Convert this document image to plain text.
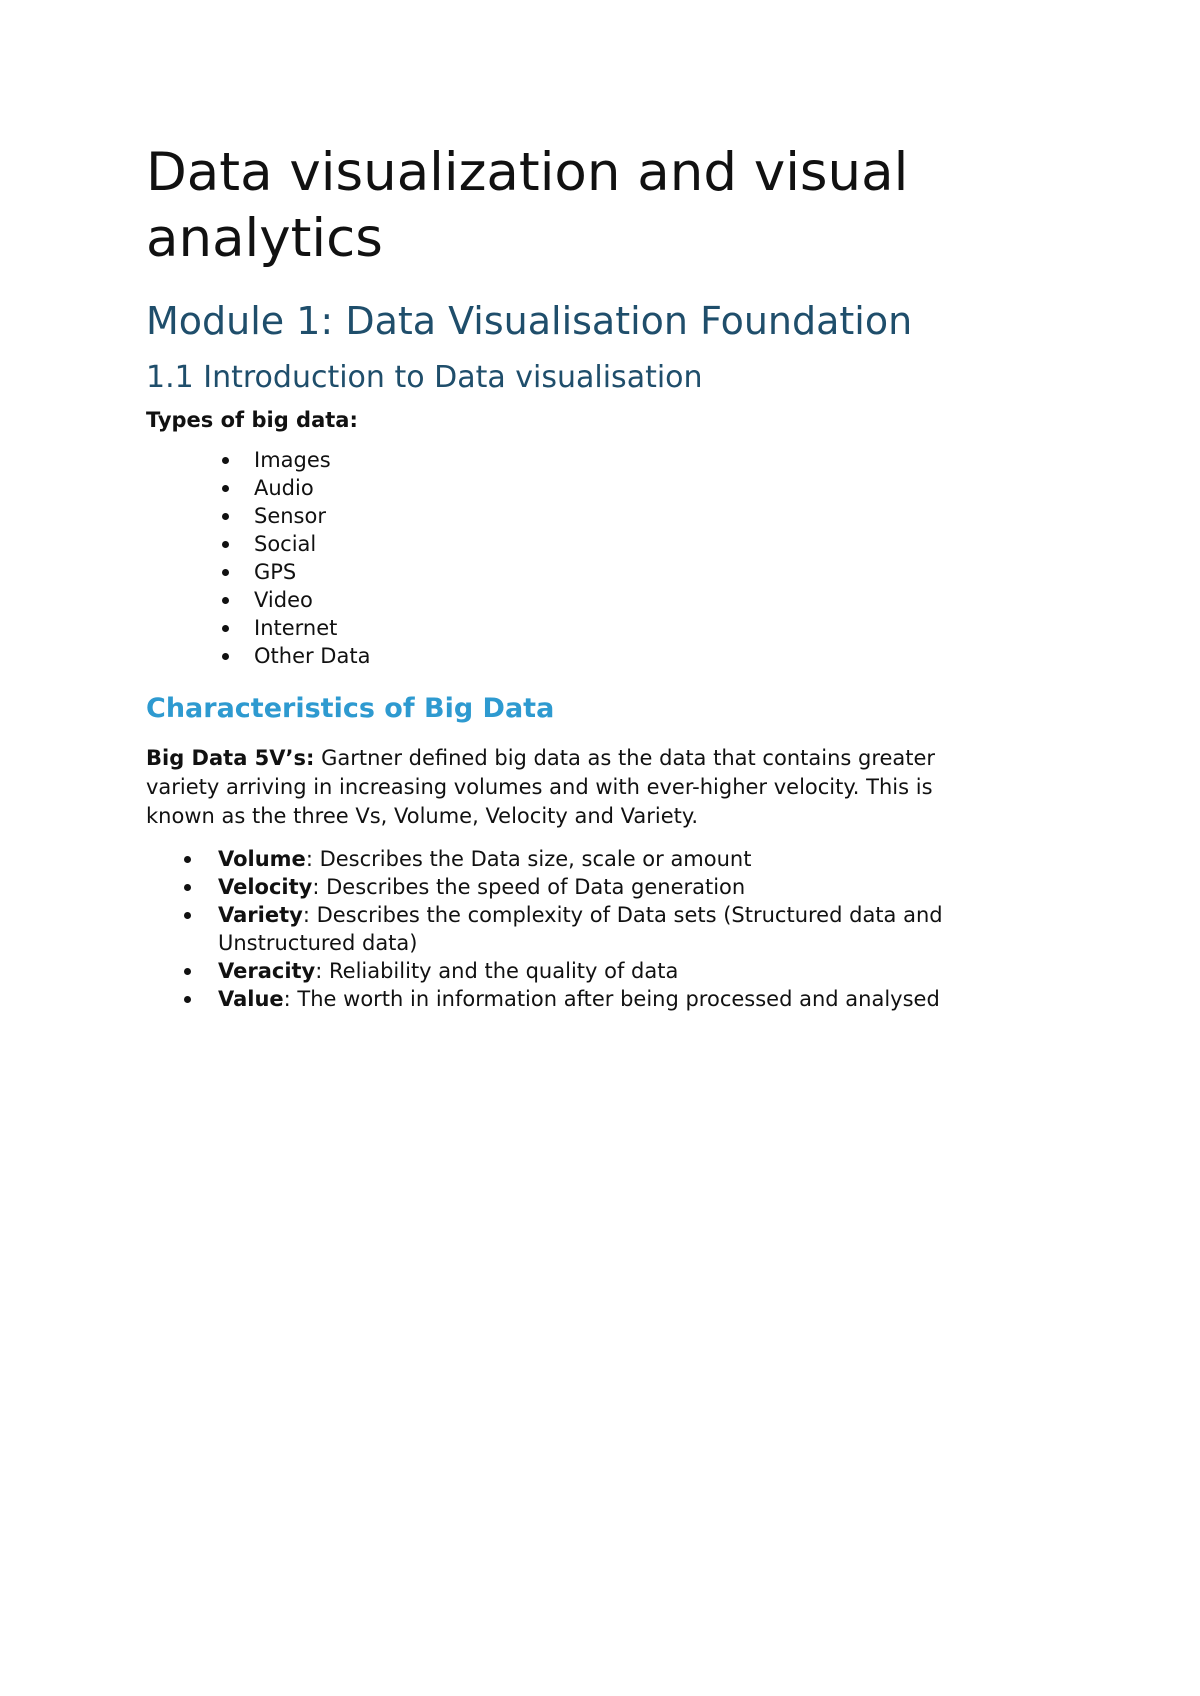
Data visualization and visual analytics
Module 1: Data Visualisation Foundation
1.1 Introduction to Data visualisation

Types of big data:

Images
Audio
Sensor
Social
GPS
Video
Internet
Other Data
Characteristics of Big Data

Big Data 5V’s: Gartner defined big data as the data that contains greater variety arriving in increasing volumes and with ever-higher velocity. This is known as the three Vs, Volume, Velocity and Variety.

Volume: Describes the Data size, scale or amount
Velocity: Describes the speed of Data generation
Variety: Describes the complexity of Data sets (Structured data and Unstructured data)
Veracity: Reliability and the quality of data
Value: The worth in information after being processed and analysed
